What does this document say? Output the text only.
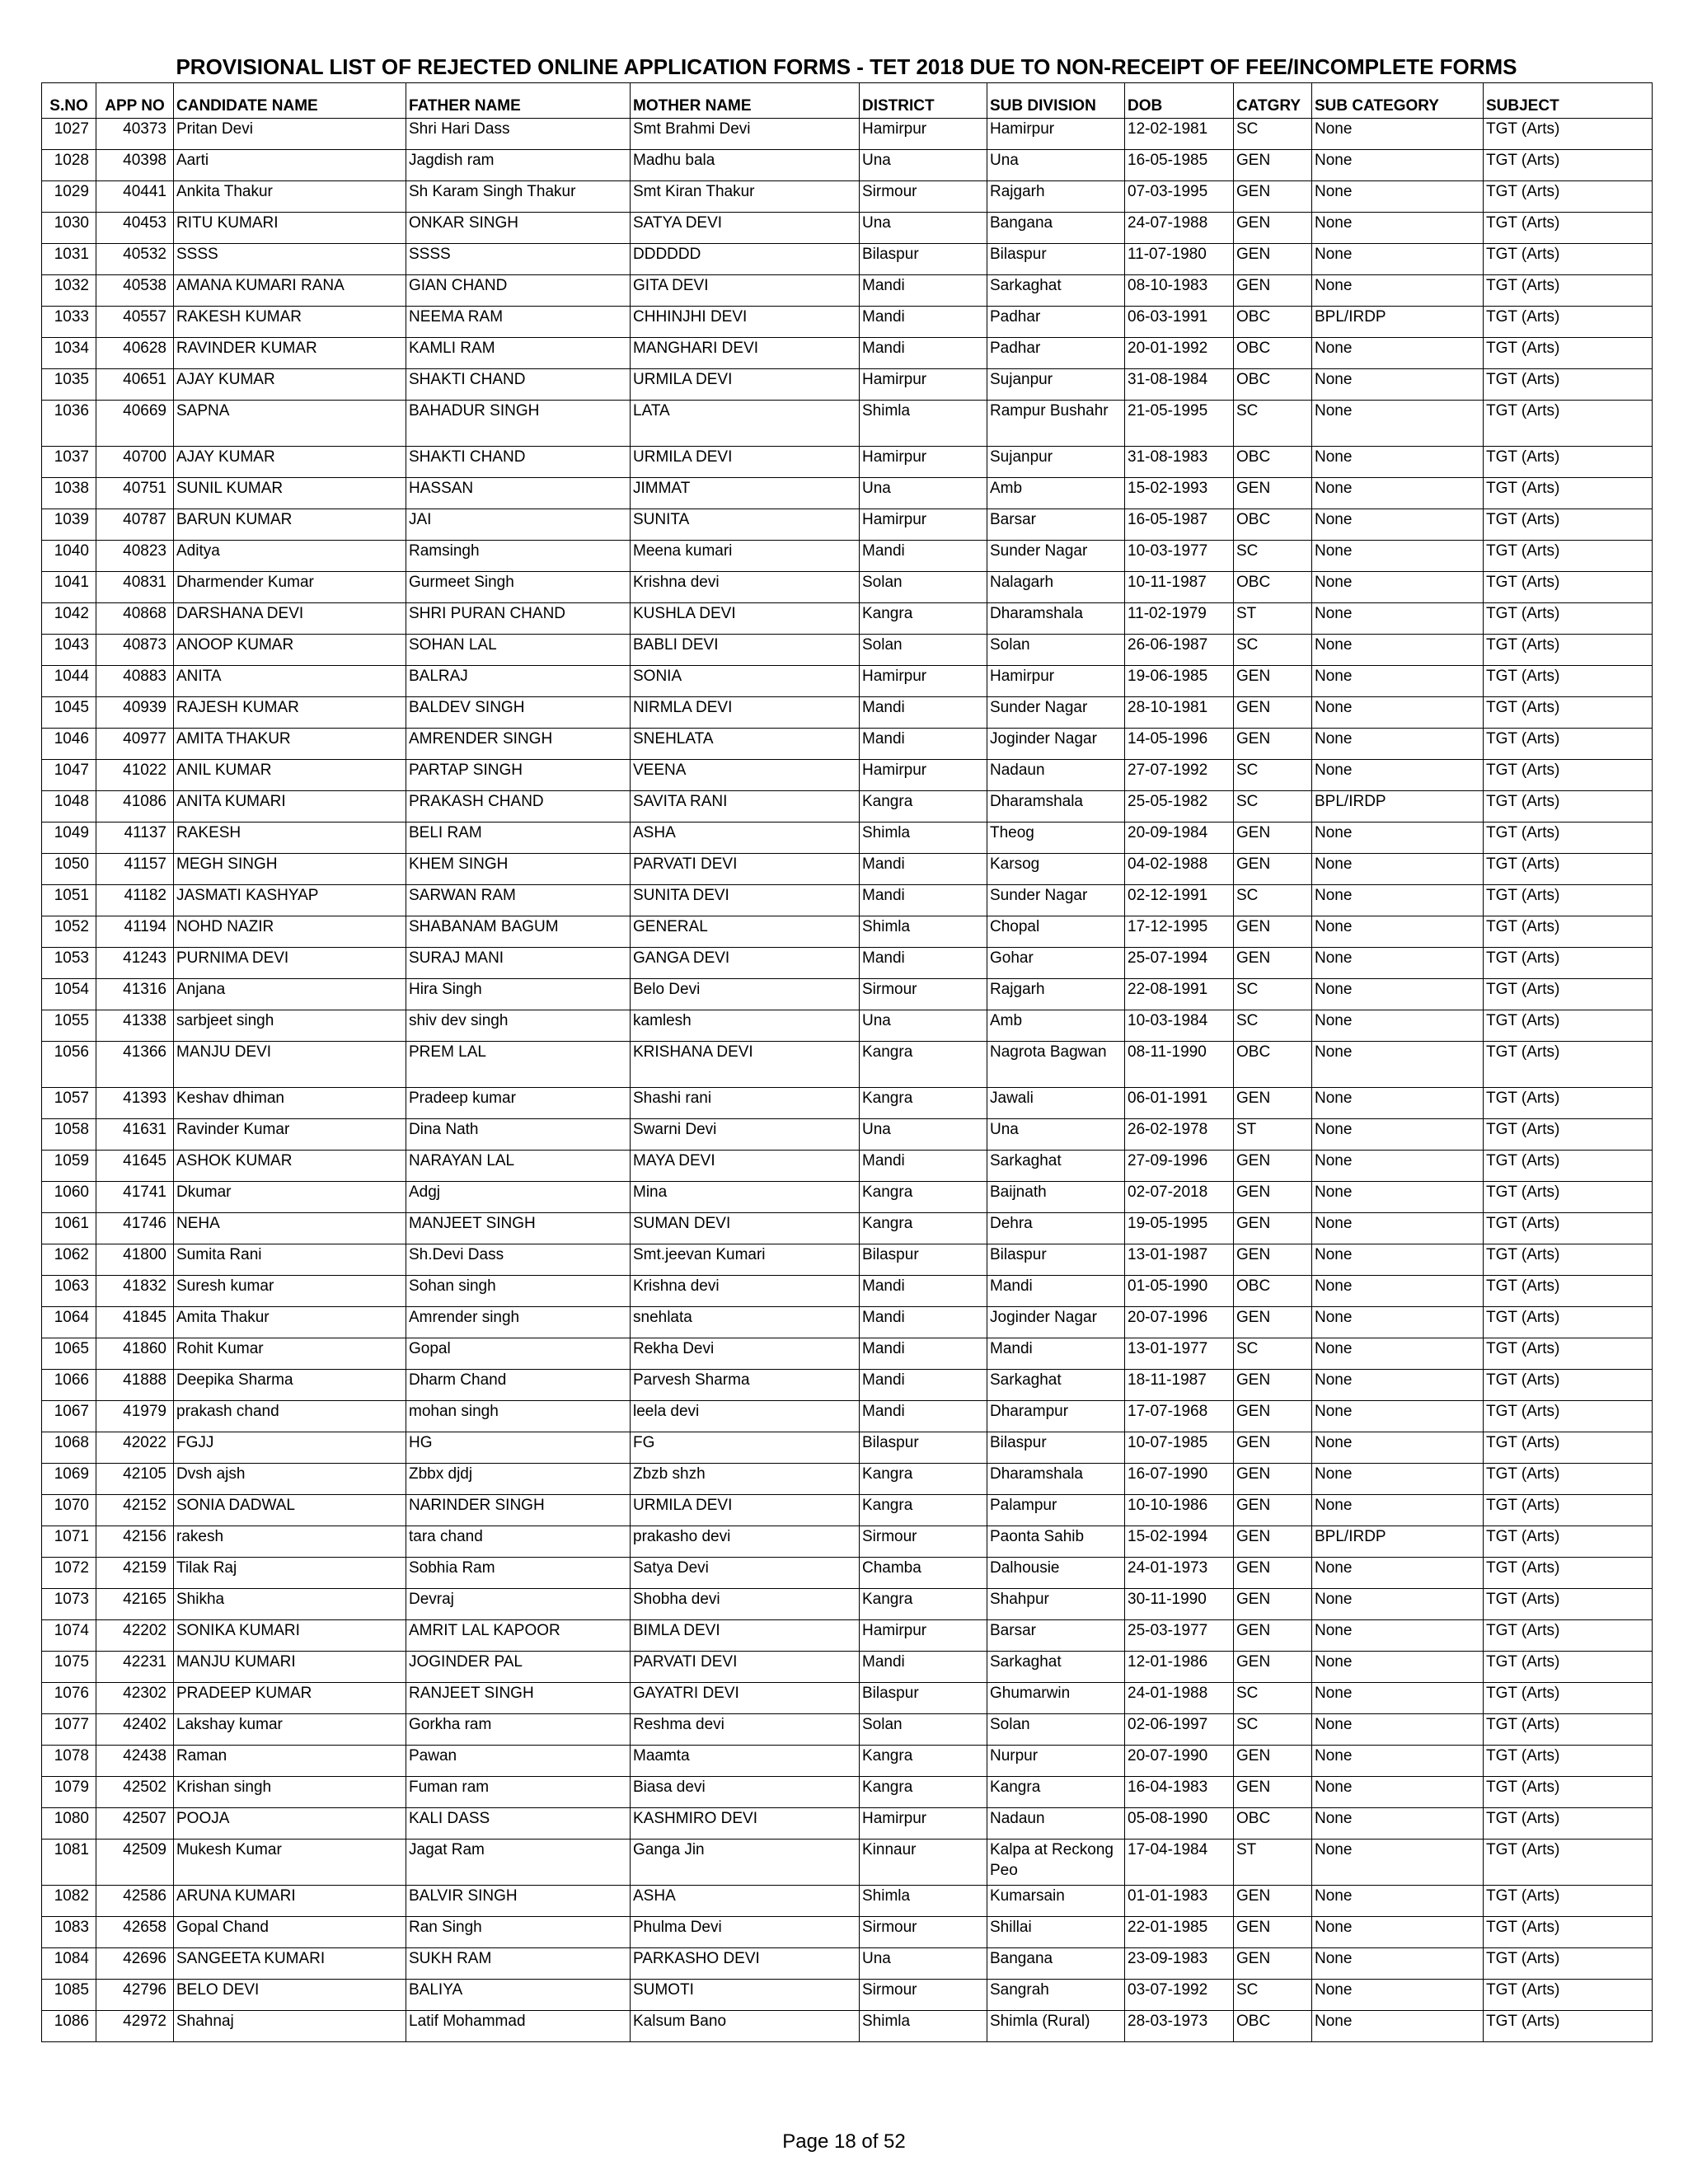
PROVISIONAL LIST OF REJECTED ONLINE APPLICATION FORMS - TET 2018 DUE TO NON-RECEIPT OF FEE/INCOMPLETE FORMS
S.NO	APP NO	CANDIDATE NAME	FATHER NAME	MOTHER NAME	DISTRICT	SUB DIVISION	DOB	CATGRY	SUB CATEGORY	SUBJECT
1027	40373	Pritan Devi	Shri Hari Dass	Smt Brahmi Devi	Hamirpur	Hamirpur	12-02-1981	SC	None	TGT (Arts)
1028	40398	Aarti	Jagdish ram	Madhu bala	Una	Una	16-05-1985	GEN	None	TGT (Arts)
1029	40441	Ankita Thakur	Sh Karam Singh Thakur	Smt Kiran Thakur	Sirmour	Rajgarh	07-03-1995	GEN	None	TGT (Arts)
1030	40453	RITU KUMARI	ONKAR SINGH	SATYA DEVI	Una	Bangana	24-07-1988	GEN	None	TGT (Arts)
1031	40532	SSSS	SSSS	DDDDDD	Bilaspur	Bilaspur	11-07-1980	GEN	None	TGT (Arts)
1032	40538	AMANA KUMARI RANA	GIAN CHAND	GITA DEVI	Mandi	Sarkaghat	08-10-1983	GEN	None	TGT (Arts)
1033	40557	RAKESH KUMAR	NEEMA RAM	CHHINJHI DEVI	Mandi	Padhar	06-03-1991	OBC	BPL/IRDP	TGT (Arts)
1034	40628	RAVINDER KUMAR	KAMLI RAM	MANGHARI DEVI	Mandi	Padhar	20-01-1992	OBC	None	TGT (Arts)
1035	40651	AJAY KUMAR	SHAKTI CHAND	URMILA DEVI	Hamirpur	Sujanpur	31-08-1984	OBC	None	TGT (Arts)
1036	40669	SAPNA	BAHADUR SINGH	LATA	Shimla	Rampur Bushahr	21-05-1995	SC	None	TGT (Arts)
1037	40700	AJAY KUMAR	SHAKTI CHAND	URMILA DEVI	Hamirpur	Sujanpur	31-08-1983	OBC	None	TGT (Arts)
1038	40751	SUNIL KUMAR	HASSAN	JIMMAT	Una	Amb	15-02-1993	GEN	None	TGT (Arts)
1039	40787	BARUN KUMAR	JAI	SUNITA	Hamirpur	Barsar	16-05-1987	OBC	None	TGT (Arts)
1040	40823	Aditya	Ramsingh	Meena kumari	Mandi	Sunder Nagar	10-03-1977	SC	None	TGT (Arts)
1041	40831	Dharmender Kumar	Gurmeet Singh	Krishna devi	Solan	Nalagarh	10-11-1987	OBC	None	TGT (Arts)
1042	40868	DARSHANA DEVI	SHRI PURAN CHAND	KUSHLA DEVI	Kangra	Dharamshala	11-02-1979	ST	None	TGT (Arts)
1043	40873	ANOOP KUMAR	SOHAN LAL	BABLI DEVI	Solan	Solan	26-06-1987	SC	None	TGT (Arts)
1044	40883	ANITA	BALRAJ	SONIA	Hamirpur	Hamirpur	19-06-1985	GEN	None	TGT (Arts)
1045	40939	RAJESH KUMAR	BALDEV SINGH	NIRMLA DEVI	Mandi	Sunder Nagar	28-10-1981	GEN	None	TGT (Arts)
1046	40977	AMITA THAKUR	AMRENDER SINGH	SNEHLATA	Mandi	Joginder Nagar	14-05-1996	GEN	None	TGT (Arts)
1047	41022	ANIL KUMAR	PARTAP SINGH	VEENA	Hamirpur	Nadaun	27-07-1992	SC	None	TGT (Arts)
1048	41086	ANITA KUMARI	PRAKASH CHAND	SAVITA RANI	Kangra	Dharamshala	25-05-1982	SC	BPL/IRDP	TGT (Arts)
1049	41137	RAKESH	BELI RAM	ASHA	Shimla	Theog	20-09-1984	GEN	None	TGT (Arts)
1050	41157	MEGH SINGH	KHEM SINGH	PARVATI DEVI	Mandi	Karsog	04-02-1988	GEN	None	TGT (Arts)
1051	41182	JASMATI KASHYAP	SARWAN RAM	SUNITA DEVI	Mandi	Sunder Nagar	02-12-1991	SC	None	TGT (Arts)
1052	41194	NOHD NAZIR	SHABANAM BAGUM	GENERAL	Shimla	Chopal	17-12-1995	GEN	None	TGT (Arts)
1053	41243	PURNIMA DEVI	SURAJ MANI	GANGA DEVI	Mandi	Gohar	25-07-1994	GEN	None	TGT (Arts)
1054	41316	Anjana	Hira Singh	Belo Devi	Sirmour	Rajgarh	22-08-1991	SC	None	TGT (Arts)
1055	41338	sarbjeet singh	shiv dev singh	kamlesh	Una	Amb	10-03-1984	SC	None	TGT (Arts)
1056	41366	MANJU DEVI	PREM LAL	KRISHANA DEVI	Kangra	Nagrota Bagwan	08-11-1990	OBC	None	TGT (Arts)
1057	41393	Keshav dhiman	Pradeep kumar	Shashi rani	Kangra	Jawali	06-01-1991	GEN	None	TGT (Arts)
1058	41631	Ravinder Kumar	Dina Nath	Swarni Devi	Una	Una	26-02-1978	ST	None	TGT (Arts)
1059	41645	ASHOK KUMAR	NARAYAN LAL	MAYA DEVI	Mandi	Sarkaghat	27-09-1996	GEN	None	TGT (Arts)
1060	41741	Dkumar	Adgj	Mina	Kangra	Baijnath	02-07-2018	GEN	None	TGT (Arts)
1061	41746	NEHA	MANJEET SINGH	SUMAN DEVI	Kangra	Dehra	19-05-1995	GEN	None	TGT (Arts)
1062	41800	Sumita Rani	Sh.Devi Dass	Smt.jeevan Kumari	Bilaspur	Bilaspur	13-01-1987	GEN	None	TGT (Arts)
1063	41832	Suresh kumar	Sohan singh	Krishna devi	Mandi	Mandi	01-05-1990	OBC	None	TGT (Arts)
1064	41845	Amita Thakur	Amrender singh	snehlata	Mandi	Joginder Nagar	20-07-1996	GEN	None	TGT (Arts)
1065	41860	Rohit Kumar	Gopal	Rekha Devi	Mandi	Mandi	13-01-1977	SC	None	TGT (Arts)
1066	41888	Deepika Sharma	Dharm Chand	Parvesh Sharma	Mandi	Sarkaghat	18-11-1987	GEN	None	TGT (Arts)
1067	41979	prakash chand	mohan singh	leela devi	Mandi	Dharampur	17-07-1968	GEN	None	TGT (Arts)
1068	42022	FGJJ	HG	FG	Bilaspur	Bilaspur	10-07-1985	GEN	None	TGT (Arts)
1069	42105	Dvsh ajsh	Zbbx djdj	Zbzb shzh	Kangra	Dharamshala	16-07-1990	GEN	None	TGT (Arts)
1070	42152	SONIA DADWAL	NARINDER SINGH	URMILA DEVI	Kangra	Palampur	10-10-1986	GEN	None	TGT (Arts)
1071	42156	rakesh	tara chand	prakasho devi	Sirmour	Paonta Sahib	15-02-1994	GEN	BPL/IRDP	TGT (Arts)
1072	42159	Tilak Raj	Sobhia Ram	Satya Devi	Chamba	Dalhousie	24-01-1973	GEN	None	TGT (Arts)
1073	42165	Shikha	Devraj	Shobha devi	Kangra	Shahpur	30-11-1990	GEN	None	TGT (Arts)
1074	42202	SONIKA KUMARI	AMRIT LAL KAPOOR	BIMLA DEVI	Hamirpur	Barsar	25-03-1977	GEN	None	TGT (Arts)
1075	42231	MANJU KUMARI	JOGINDER PAL	PARVATI DEVI	Mandi	Sarkaghat	12-01-1986	GEN	None	TGT (Arts)
1076	42302	PRADEEP KUMAR	RANJEET SINGH	GAYATRI DEVI	Bilaspur	Ghumarwin	24-01-1988	SC	None	TGT (Arts)
1077	42402	Lakshay kumar	Gorkha ram	Reshma devi	Solan	Solan	02-06-1997	SC	None	TGT (Arts)
1078	42438	Raman	Pawan	Maamta	Kangra	Nurpur	20-07-1990	GEN	None	TGT (Arts)
1079	42502	Krishan singh	Fuman ram	Biasa devi	Kangra	Kangra	16-04-1983	GEN	None	TGT (Arts)
1080	42507	POOJA	KALI DASS	KASHMIRO DEVI	Hamirpur	Nadaun	05-08-1990	OBC	None	TGT (Arts)
1081	42509	Mukesh Kumar	Jagat Ram	Ganga Jin	Kinnaur	Kalpa at Reckong Peo	17-04-1984	ST	None	TGT (Arts)
1082	42586	ARUNA KUMARI	BALVIR SINGH	ASHA	Shimla	Kumarsain	01-01-1983	GEN	None	TGT (Arts)
1083	42658	Gopal Chand	Ran Singh	Phulma Devi	Sirmour	Shillai	22-01-1985	GEN	None	TGT (Arts)
1084	42696	SANGEETA KUMARI	SUKH RAM	PARKASHO DEVI	Una	Bangana	23-09-1983	GEN	None	TGT (Arts)
1085	42796	BELO DEVI	BALIYA	SUMOTI	Sirmour	Sangrah	03-07-1992	SC	None	TGT (Arts)
1086	42972	Shahnaj	Latif Mohammad	Kalsum Bano	Shimla	Shimla (Rural)	28-03-1973	OBC	None	TGT (Arts)
Page 18 of 52
